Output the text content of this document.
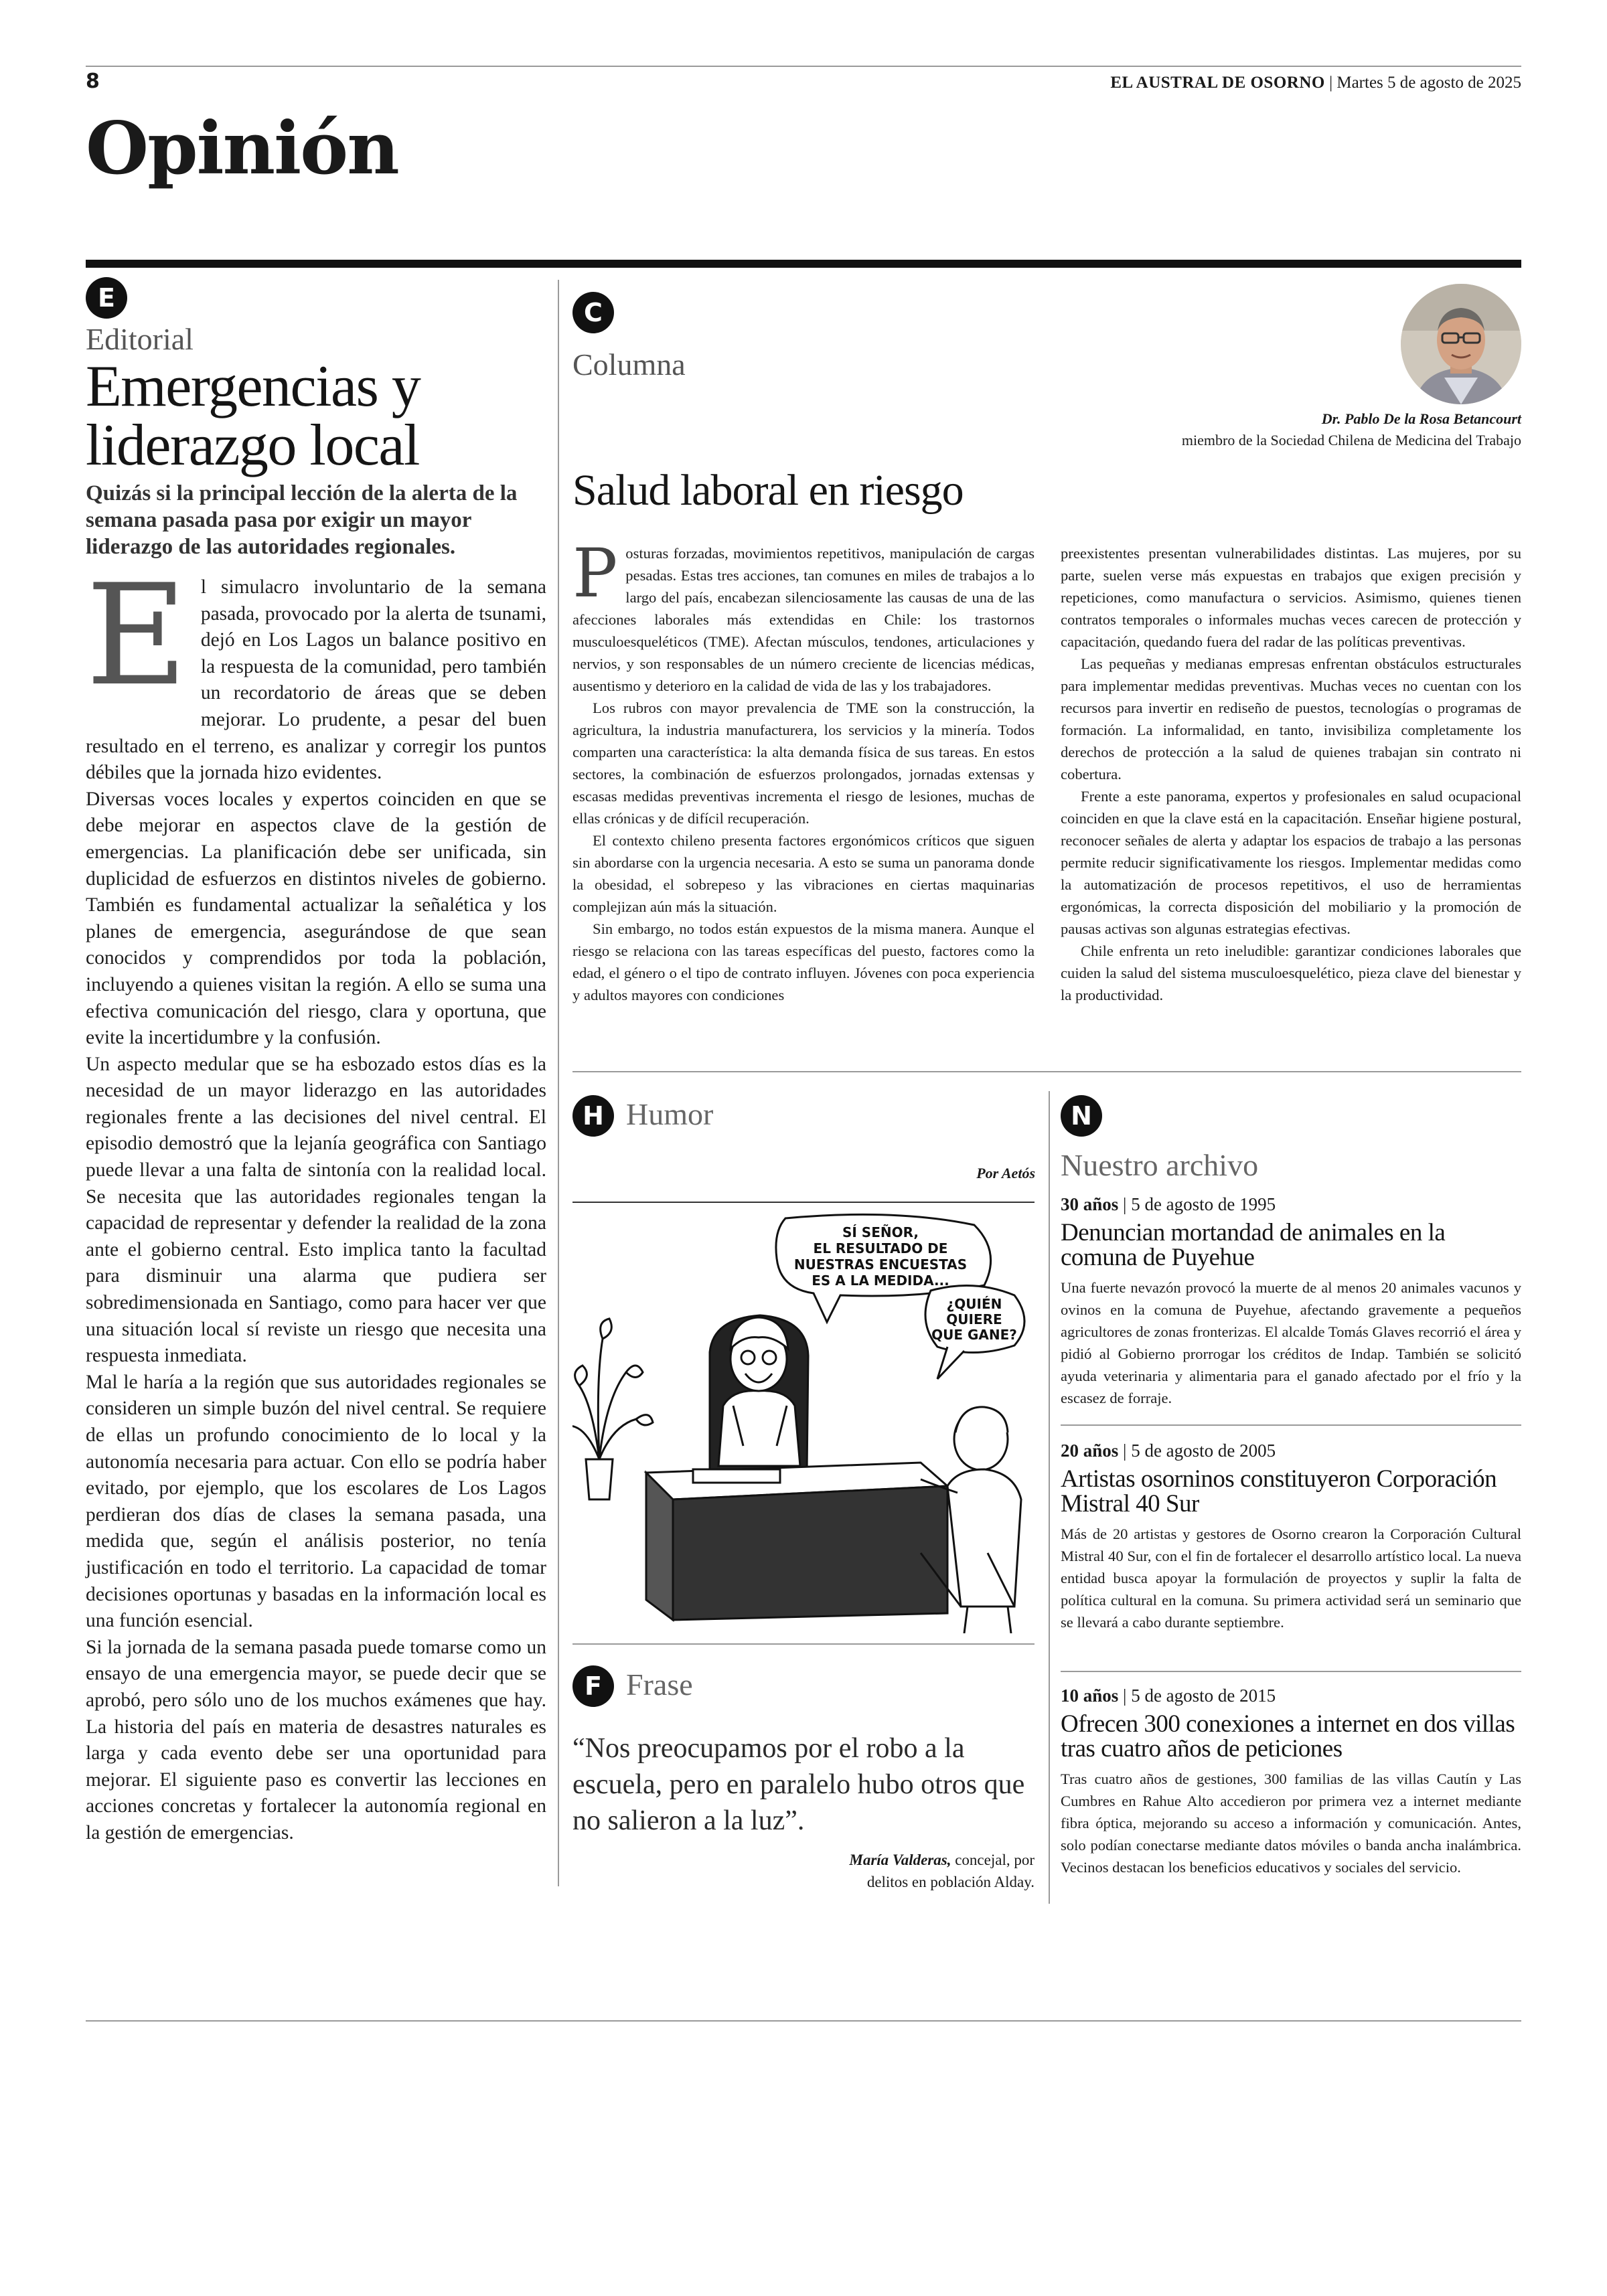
8	EL AUSTRAL DE OSORNO | Martes 5 de agosto de 2025
Opinión
E
Editorial
Emergencias y
liderazgo local
Quizás si la principal lección de la alerta de la semana pasada pasa por exigir un mayor liderazgo de las autoridades regionales.
E l simulacro involuntario de la semana pasada, provocado por la alerta de tsunami, dejó en Los Lagos un balance positivo en la respuesta de la comunidad, pero también un recordatorio de áreas que se deben mejorar. Lo prudente, a pesar del buen resultado en el terreno, es analizar y corregir los puntos débiles que la jornada hizo evidentes.

Diversas voces locales y expertos coinciden en que se debe mejorar en aspectos clave de la gestión de emergencias. La planificación debe ser unificada, sin duplicidad de esfuerzos en distintos niveles de gobierno. También es fundamental actualizar la señalética y los planes de emergencia, asegurándose de que sean conocidos y comprendidos por toda la población, incluyendo a quienes visitan la región. A ello se suma una efectiva comunicación del riesgo, clara y oportuna, que evite la incertidumbre y la confusión.

Un aspecto medular que se ha esbozado estos días es la necesidad de un mayor liderazgo en las autoridades regionales frente a las decisiones del nivel central. El episodio demostró que la lejanía geográfica con Santiago puede llevar a una falta de sintonía con la realidad local. Se necesita que las autoridades regionales tengan la capacidad de representar y defender la realidad de la zona ante el gobierno central. Esto implica tanto la facultad para disminuir una alarma que pudiera ser sobredimensionada en Santiago, como para hacer ver que una situación local sí reviste un riesgo que necesita una respuesta inmediata.

Mal le haría a la región que sus autoridades regionales se consideren un simple buzón del nivel central. Se requiere de ellas un profundo conocimiento de lo local y la autonomía necesaria para actuar. Con ello se podría haber evitado, por ejemplo, que los escolares de Los Lagos perdieran dos días de clases la semana pasada, una medida que, según el análisis posterior, no tenía justificación en todo el territorio. La capacidad de tomar decisiones oportunas y basadas en la información local es una función esencial.

Si la jornada de la semana pasada puede tomarse como un ensayo de una emergencia mayor, se puede decir que se aprobó, pero sólo uno de los muchos exámenes que hay. La historia del país en materia de desastres naturales es larga y cada evento debe ser una oportunidad para mejorar. El siguiente paso es convertir las lecciones en acciones concretas y fortalecer la autonomía regional en la gestión de emergencias.

C
Columna
Dr. Pablo De la Rosa Betancourt
miembro de la Sociedad Chilena de Medicina del Trabajo
Salud laboral en riesgo
P osturas forzadas, movimientos repetitivos, manipulación de cargas pesadas. Estas tres acciones, tan comunes en miles de trabajos a lo largo del país, encabezan silenciosamente las causas de una de las afecciones laborales más extendidas en Chile: los trastornos musculoesqueléticos (TME). Afectan músculos, tendones, articulaciones y nervios, y son responsables de un número creciente de licencias médicas, ausentismo y deterioro en la calidad de vida de las y los trabajadores.

Los rubros con mayor prevalencia de TME son la construcción, la agricultura, la industria manufacturera, los servicios y la minería. Todos comparten una característica: la alta demanda física de sus tareas. En estos sectores, la combinación de esfuerzos prolongados, jornadas extensas y escasas medidas preventivas incrementa el riesgo de lesiones, muchas de ellas crónicas y de difícil recuperación.

El contexto chileno presenta factores ergonómicos críticos que siguen sin abordarse con la urgencia necesaria. A esto se suma un panorama donde la obesidad, el sobrepeso y las vibraciones en ciertas maquinarias complejizan aún más la situación.

Sin embargo, no todos están expuestos de la misma manera. Aunque el riesgo se relaciona con las tareas específicas del puesto, factores como la edad, el género o el tipo de contrato influyen. Jóvenes con poca experiencia y adultos mayores con condiciones

preexistentes presentan vulnerabilidades distintas. Las mujeres, por su parte, suelen verse más expuestas en trabajos que exigen precisión y repeticiones, como manufactura o servicios. Asimismo, quienes tienen contratos temporales o informales muchas veces carecen de protección y capacitación, quedando fuera del radar de las políticas preventivas.

Las pequeñas y medianas empresas enfrentan obstáculos estructurales para implementar medidas preventivas. Muchas veces no cuentan con los recursos para invertir en rediseño de puestos, tecnologías o programas de formación. La informalidad, en tanto, invisibiliza completamente los derechos de protección a la salud de quienes trabajan sin contrato ni cobertura.

Frente a este panorama, expertos y profesionales en salud ocupacional coinciden en que la clave está en la capacitación. Enseñar higiene postural, reconocer señales de alerta y adaptar los espacios de trabajo a las personas permite reducir significativamente los riesgos. Implementar medidas como la automatización de procesos repetitivos, el uso de herramientas ergonómicas, la correcta disposición del mobiliario y la promoción de pausas activas son algunas estrategias efectivas.

Chile enfrenta un reto ineludible: garantizar condiciones laborales que cuiden la salud del sistema musculoesquelético, pieza clave del bienestar y la productividad.

H Humor
Por Aetós
SÍ SEÑOR,
EL RESULTADO DE
NUESTRAS ENCUESTAS
ES A LA MEDIDA...
¿QUIÉN
QUIERE
QUE GANE?
F Frase
“Nos preocupamos por el robo a la escuela, pero en paralelo hubo otros que no salieron a la luz”.
María Valderas, concejal, por
delitos en población Alday.
N
Nuestro archivo
30 años | 5 de agosto de 1995
Denuncian mortandad de animales en la comuna de Puyehue
Una fuerte nevazón provocó la muerte de al menos 20 animales vacunos y ovinos en la comuna de Puyehue, afectando gravemente a pequeños agricultores de zonas fronterizas. El alcalde Tomás Glaves recorrió el área y pidió al Gobierno prorrogar los créditos de Indap. También se solicitó ayuda veterinaria y alimentaria para el ganado afectado por el frío y la escasez de forraje.
20 años | 5 de agosto de 2005
Artistas osorninos constituyeron Corporación Mistral 40 Sur
Más de 20 artistas y gestores de Osorno crearon la Corporación Cultural Mistral 40 Sur, con el fin de fortalecer el desarrollo artístico local. La nueva entidad busca apoyar la formulación de proyectos y suplir la falta de política cultural en la comuna. Su primera actividad será un seminario que se llevará a cabo durante septiembre.
10 años | 5 de agosto de 2015
Ofrecen 300 conexiones a internet en dos villas tras cuatro años de peticiones
Tras cuatro años de gestiones, 300 familias de las villas Cautín y Las Cumbres en Rahue Alto accedieron por primera vez a internet mediante fibra óptica, mejorando su acceso a información y comunicación. Antes, solo podían conectarse mediante datos móviles o banda ancha inalámbrica. Vecinos destacan los beneficios educativos y sociales del servicio.
